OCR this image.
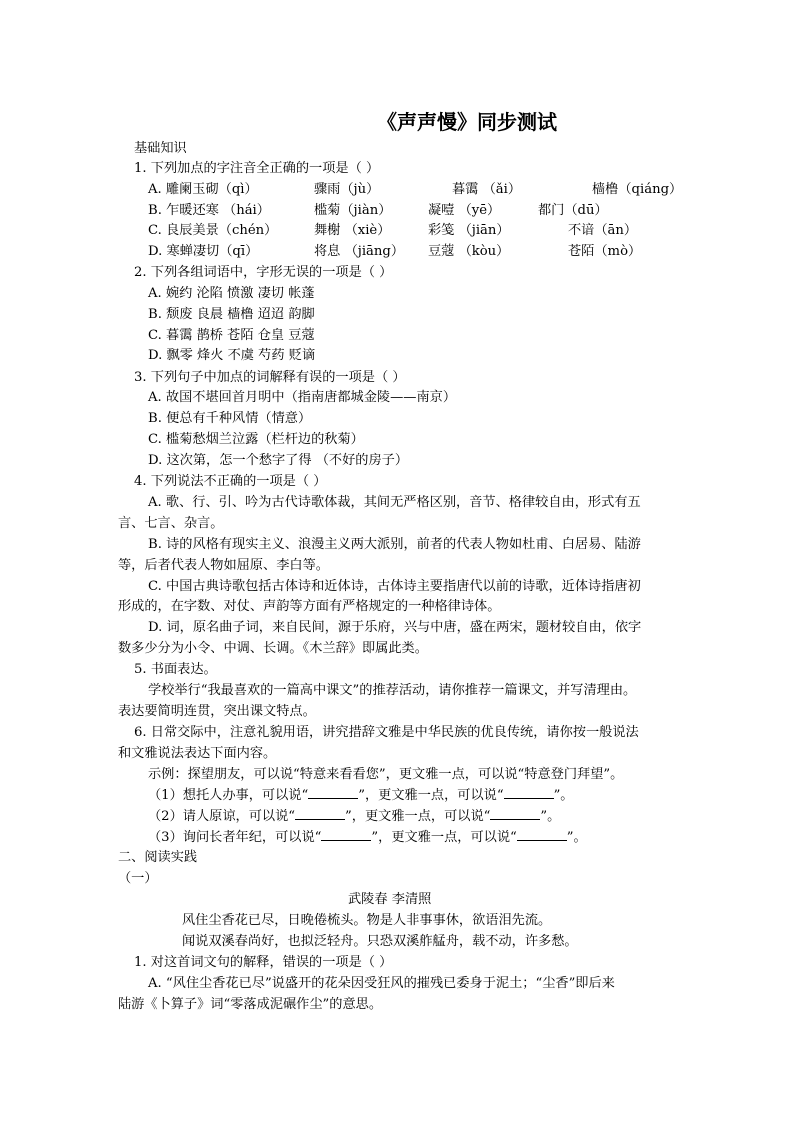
《声声慢》同步测试
基础知识
1. 下列加点的字注音全正确的一项是（ ）
A. 雕阑玉砌（qì）	骤雨（jù）	暮霭 （ǎi）	樯橹（qiáng）
B. 乍暖还寒 （hái）	槛菊（jiàn）	凝噎 （yē）	都门（dū）
C. 良辰美景（chén）	舞榭 （xiè）	彩笺 （jiān）	不谙（ān）
D. 寒蝉凄切（qī）	将息 （jiāng） 豆蔻 （kòu）	苍陌（mò）
2. 下列各组词语中，字形无误的一项是（ ）
A. 婉约 沦陷 愤激 凄切 帐蓬
B. 颓废 良晨 樯橹 迢迢 韵脚
C. 暮霭 鹊桥 苍陌 仓皇 豆蔻
D. 飘零 烽火 不虞 芍药 贬谪
3. 下列句子中加点的词解释有误的一项是（ ）
A. 故国不堪回首月明中（指南唐都城金陵——南京）
B. 便总有千种风情（情意）
C. 槛菊愁烟兰泣露（栏杆边的秋菊）
D. 这次第，怎一个愁字了得 （不好的房子）
4. 下列说法不正确的一项是（ ）
A. 歌、行、引、吟为古代诗歌体裁，其间无严格区别，音节、格律较自由，形式有五
言、七言、杂言。
B. 诗的风格有现实主义、浪漫主义两大派别，前者的代表人物如杜甫、白居易、陆游
等，后者代表人物如屈原、李白等。
C. 中国古典诗歌包括古体诗和近体诗，古体诗主要指唐代以前的诗歌，近体诗指唐初
形成的，在字数、对仗、声韵等方面有严格规定的一种格律诗体。
D. 词，原名曲子词，来自民间，源于乐府，兴与中唐，盛在两宋，题材较自由，依字
数多少分为小令、中调、长调。《木兰辞》即属此类。
5. 书面表达。
学校举行“我最喜欢的一篇高中课文”的推荐活动，请你推荐一篇课文，并写清理由。
表达要简明连贯，突出课文特点。
6. 日常交际中，注意礼貌用语，讲究措辞文雅是中华民族的优良传统，请你按一般说法
和文雅说法表达下面内容。
示例：探望朋友，可以说“特意来看看您”，更文雅一点，可以说“特意登门拜望”。
（1）想托人办事，可以说“	”，更文雅一点，可以说“	”。
（2）请人原谅，可以说“	”，更文雅一点，可以说“	”。
（3）询问长者年纪，可以说“	”，更文雅一点，可以说“	”。
二、阅读实践
（一）
武陵春 李清照
风住尘香花已尽，日晚倦梳头。物是人非事事休，欲语泪先流。
闻说双溪春尚好，也拟泛轻舟。只恐双溪舴艋舟，载不动，许多愁。
1. 对这首词文句的解释，错误的一项是（ ）
A. “风住尘香花已尽”说盛开的花朵因受狂风的摧残已委身于泥土；“尘香”即后来
陆游《卜算子》词“零落成泥碾作尘”的意思。
